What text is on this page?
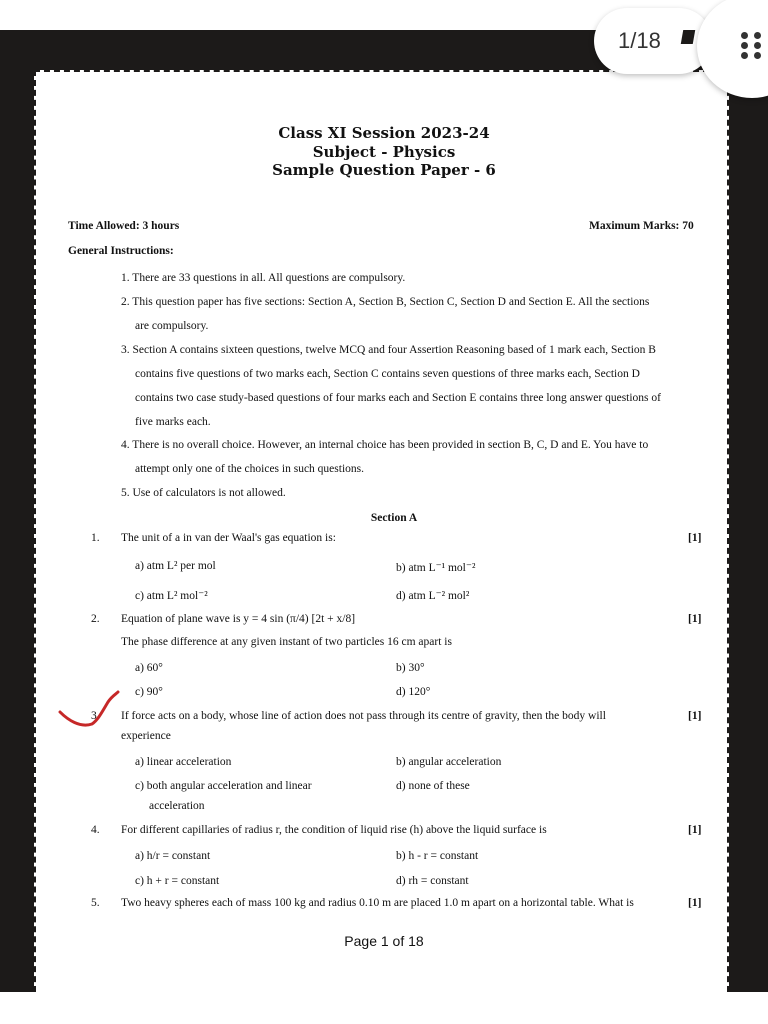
1/18
Class XI Session 2023-24
Subject - Physics
Sample Question Paper - 6
Time Allowed: 3 hours	Maximum Marks: 70
General Instructions:
1. There are 33 questions in all. All questions are compulsory.
2. This question paper has five sections: Section A, Section B, Section C, Section D and Section E. All the sections
are compulsory.
3. Section A contains sixteen questions, twelve MCQ and four Assertion Reasoning based of 1 mark each, Section B
contains five questions of two marks each, Section C contains seven questions of three marks each, Section D
contains two case study-based questions of four marks each and Section E contains three long answer questions of
five marks each.
4. There is no overall choice. However, an internal choice has been provided in section B, C, D and E. You have to
attempt only one of the choices in such questions.
5. Use of calculators is not allowed.
Section A
1. The unit of a in van der Waal's gas equation is:	[1]
a) atm L² per mol	b) atm L⁻¹ mol⁻²
c) atm L² mol⁻²	d) atm L⁻² mol²
2. Equation of plane wave is y = 4 sin (π/4) [2t + x/8]	[1]
The phase difference at any given instant of two particles 16 cm apart is
a) 60°	b) 30°
c) 90°	d) 120°
3. If force acts on a body, whose line of action does not pass through its centre of gravity, then the body will	[1]
experience
a) linear acceleration	b) angular acceleration
c) both angular acceleration and linear	d) none of these
acceleration
4. For different capillaries of radius r, the condition of liquid rise (h) above the liquid surface is	[1]
a) h/r = constant	b) h - r = constant
c) h + r = constant	d) rh = constant
5. Two heavy spheres each of mass 100 kg and radius 0.10 m are placed 1.0 m apart on a horizontal table. What is	[1]
Page 1 of 18
